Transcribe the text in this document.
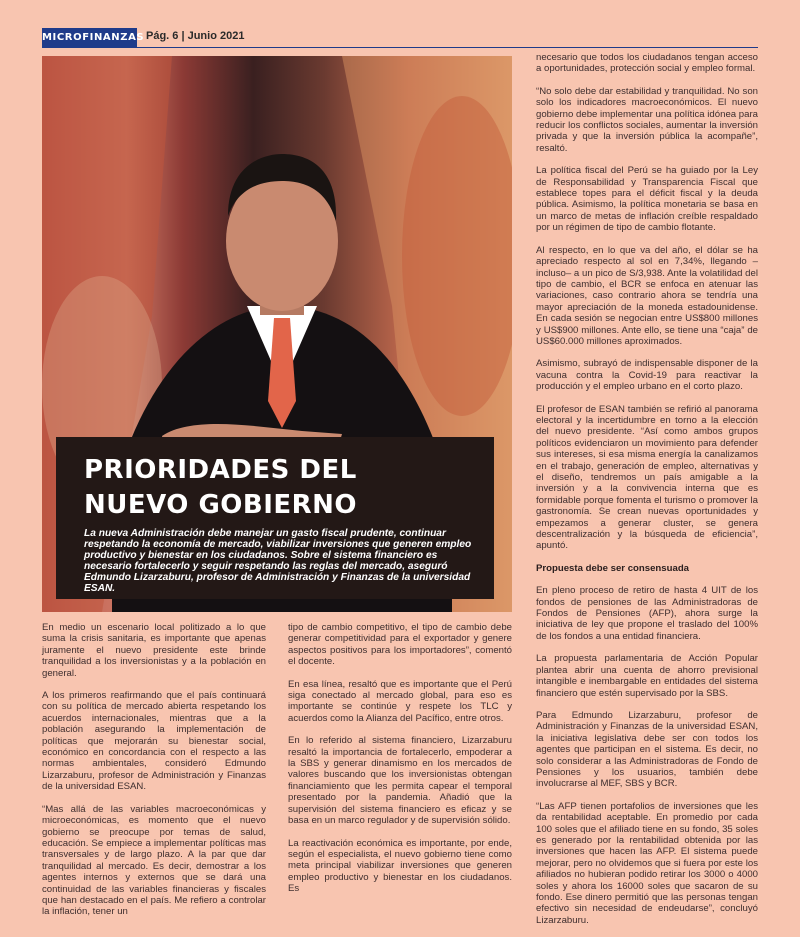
MICROFINANZAS Pág. 6 | Junio 2021
PRIORIDADES DEL
NUEVO GOBIERNO
La nueva Administración debe manejar un gasto fiscal prudente, continuar respetando la economía de mercado, viabilizar inversiones que generen empleo productivo y bienestar en los ciudadanos. Sobre el sistema financiero es necesario fortalecerlo y seguir respetando las reglas del mercado, aseguró Edmundo Lizarzaburu, profesor de Administración y Finanzas de la universidad ESAN.

En medio un escenario local politizado a lo que suma la crisis sanitaria, es importante que apenas juramente el nuevo presidente este brinde tranquilidad a los inversionistas y a la población en general.

A los primeros reafirmando que el país continuará con su política de mercado abierta respetando los acuerdos internacionales, mientras que a la población asegurando la implementación de políticas que mejorarán su bienestar social, económico en concordancia con el respecto a las normas ambientales, consideró Edmundo Lizarzaburu, profesor de Administración y Finanzas de la universidad ESAN.

“Mas allá de las variables macroeconómicas y microeconómicas, es momento que el nuevo gobierno se preocupe por temas de salud, educación. Se empiece a implementar políticas mas transversales y de largo plazo. A la par que dar tranquilidad al mercado. Es decir, demostrar a los agentes internos y externos que se dará una continuidad de las variables financieras y fiscales que han destacado en el país. Me refiero a controlar la inflación, tener un

tipo de cambio competitivo, el tipo de cambio debe generar competitividad para el exportador y genere aspectos positivos para los importadores”, comentó el docente.

En esa línea, resaltó que es importante que el Perú siga conectado al mercado global, para eso es importante se continúe y respete los TLC y acuerdos como la Alianza del Pacífico, entre otros.

En lo referido al sistema financiero, Lizarzaburu resaltó la importancia de fortalecerlo, empoderar a la SBS y generar dinamismo en los mercados de valores buscando que los inversionistas obtengan financiamiento que les permita capear el temporal presentado por la pandemia. Añadió que la supervisión del sistema financiero es eficaz y se basa en un marco regulador y de supervisión sólido.

La reactivación económica es importante, por ende, según el especialista, el nuevo gobierno tiene como meta principal viabilizar inversiones que generen empleo productivo y bienestar en los ciudadanos. Es

necesario que todos los ciudadanos tengan acceso a oportunidades, protección social y empleo formal.

“No solo debe dar estabilidad y tranquilidad. No son solo los indicadores macroeconómicos. El nuevo gobierno debe implementar una política idónea para reducir los conflictos sociales, aumentar la inversión privada y que la inversión pública la acompañe”, resaltó.

La política fiscal del Perú se ha guiado por la Ley de Responsabilidad y Transparencia Fiscal que establece topes para el déficit fiscal y la deuda pública. Asimismo, la política monetaria se basa en un marco de metas de inflación creíble respaldado por un régimen de tipo de cambio flotante.

Al respecto, en lo que va del año, el dólar se ha apreciado respecto al sol en 7,34%, llegando –incluso– a un pico de S/3,938. Ante la volatilidad del tipo de cambio, el BCR se enfoca en atenuar las variaciones, caso contrario ahora se tendría una mayor apreciación de la moneda estadounidense. En cada sesión se negocian entre US$800 millones y US$900 millones. Ante ello, se tiene una “caja” de US$60.000 millones aproximados.

Asimismo, subrayó de indispensable disponer de la vacuna contra la Covid-19 para reactivar la producción y el empleo urbano en el corto plazo.

El profesor de ESAN también se refirió al panorama electoral y la incertidumbre en torno a la elección del nuevo presidente. “Así como ambos grupos políticos evidenciaron un movimiento para defender sus intereses, si esa misma energía la canalizamos en el trabajo, generación de empleo, alternativas y el diseño, tendremos un país amigable a la inversión y a la convivencia interna que es formidable porque fomenta el turismo o promover la gastronomía. Se crean nuevas oportunidades y empezamos a generar cluster, se genera descentralización y la búsqueda de eficiencia”, apuntó.

Propuesta debe ser consensuada

En pleno proceso de retiro de hasta 4 UIT de los fondos de pensiones de las Administradoras de Fondos de Pensiones (AFP), ahora surge la iniciativa de ley que propone el traslado del 100% de los fondos a una entidad financiera.

La propuesta parlamentaria de Acción Popular plantea abrir una cuenta de ahorro previsional intangible e inembargable en entidades del sistema financiero que estén supervisado por la SBS.

Para Edmundo Lizarzaburu, profesor de Administración y Finanzas de la universidad ESAN, la iniciativa legislativa debe ser con todos los agentes que participan en el sistema. Es decir, no solo considerar a las Administradoras de Fondo de Pensiones y los usuarios, también debe involucrarse al MEF, SBS y BCR.

“Las AFP tienen portafolios de inversiones que les da rentabilidad aceptable. En promedio por cada 100 soles que el afiliado tiene en su fondo, 35 soles es generado por la rentabilidad obtenida por las inversiones que hacen las AFP. El sistema puede mejorar, pero no olvidemos que si fuera por este los afiliados no hubieran podido retirar los 3000 o 4000 soles y ahora los 16000 soles que sacaron de su fondo. Ese dinero permitió que las personas tengan efectivo sin necesidad de endeudarse”, concluyó Lizarzaburu.
